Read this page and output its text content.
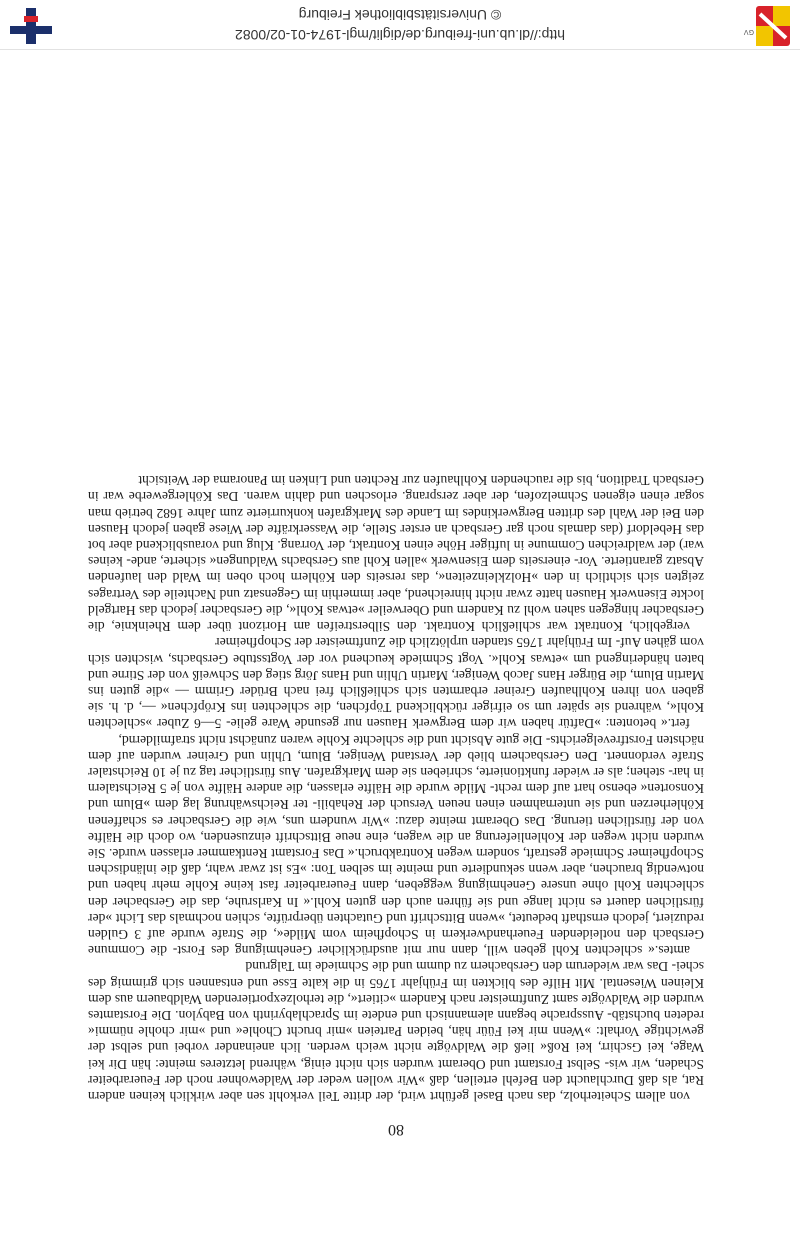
http://dl.ub.uni-freiburg.de/diglit/mgl-1974-01-02/0082
© Universitätsbibliothek Freiburg
GV
80

von allem Scheiterholz, das nach Basel geführt wird, der dritte Teil verkohlt sen aber wirklich keinen andern Rat, als daß Durchlaucht den Befehl erteilen, daß »Wir wollen weder der Waldewohner noch der Feuerarbeiter Schaden, wir wis- Selbst Forstamt und Oberamt wurden sich nicht einig, während letzteres meinte: hän Dir kei Wage, kei Gschirr, kei Roß« ließ die Waldvögte nicht weich werden. lich aneinander vorbei und selbst der gewichtige Vorhalt: »Wenn mir kei Füür hän, beiden Parteien »mir brucht Chohle« und »mir chohle nümmi« redeten buchstäb- Aussprache begann alemannisch und endete im Sprachlabyrinth von Babylon. Die Forstamtes wurden die Waldvögte samt Zunftmeister nach Kandern »citiert«, die terholzexportierenden Waldbauern aus dem Kleinen Wiesental. Mit Hilfe des blickten im Frühjahr 1765 in die kalte Esse und entsannen sich grimmig des schei- Das war wiederum den Gersbachern zu dumm und die Schmiede im Talgrund

amtes.« schlechten Kohl geben will, dann nur mit ausdrücklicher Genehmigung des Forst- die Commune Gersbach den notleidenden Feuerhandwerkern in Schopfheim vom Milde«, die Strafe wurde auf 3 Gulden reduziert, jedoch ernsthaft bedeutet, »wenn Bittschrift und Gutachten überprüfte, schien nochmals das Licht »der fürstlichen dauert es nicht lange und sie führen auch den guten Kohl.« In Karlsruhe, das die Gersbacher den schlechten Kohl ohne unsere Genehmigung weggeben, dann Feuerarbeiter fast keine Kohle mehr haben und notwendig brauchen, aber wenn sekundierte und meinte im selben Ton: »Es ist zwar wahr, daß die inländischen Schopfheimer Schmiede gestraft, sondern wegen Kontrakbruch.« Das Forstamt Rentkammer erlassen wurde. Sie wurden nicht wegen der Kohlenlieferung an die wagen, eine neue Bittschrift einzusenden, wo doch die Hälfte von der fürstlichen tierung. Das Oberamt meinte dazu: »Wir wundern uns, wie die Gersbacher es schaffenen Köhlerherzen und sie unternahmen einen neuen Versuch der Rehabili- ter Reichswährung lag dem »Blum und Konsorten« ebenso hart auf dem recht- Milde wurde die Hälfte erlassen, die andere Hälfte von je 5 Reichstalern in har- stehen; als er wieder funktionierte, schrieben sie dem Markgrafen. Aus fürstlicher tag zu je 10 Reichstaler Strafe verdonnert. Den Gersbachern blieb der Verstand Weniger, Blum, Uhlin und Greiner wurden auf dem nächsten Forstfrevelgerichts- Die gute Absicht und die schlechte Kohle waren zunächst nicht strafmildernd,

fert.« betonten: »Daftür haben wir dem Bergwerk Hausen nur gesunde Ware gelie- 5—6 Zuber »schlechten Kohl«, während sie später um so eifriger rückblickend Töpfchen, die schlechten ins Kröpfchen« —, d. h. sie gaben von ihren Kohlhaufen Greiner erbarmten sich schließlich frei nach Brüder Grimm — »die guten ins Martin Blum, die Bürger Hans Jacob Weniger, Martin Uhlin und Hans Jörg stieg den Schweiß von der Stirne und baten händeringend um »etwas Kohl«. Vogt Schmiede keuchend vor der Vogtsstube Gersbachs, wischten sich vom gähen Auf- Im Frühjahr 1765 standen urplötzlich die Zunftmeister der Schopfheimer

vergeblich, Kontrakt war schließlich Kontrakt. den Silberstreifen am Horizont über dem Rheinknie, die Gersbacher hingegen sahen wohl zu Kandern und Oberweiler »etwas Kohl«, die Gersbacher jedoch das Hartgeld lockte Eisenwerk Hausen hatte zwar nicht hinreichend, aber immerhin im Gegensatz und Nachteile des Vertrages zeigten sich sichtlich in den »Holzkleinzeiten«, das rerseits den Köhlern hoch oben im Wald den laufenden Absatz garantierte. Vor- einerseits dem Eisenwerk »allen Kohl aus Gersbachs Waldungen« sicherte, ande- keines war) der waldreichen Commune in luftiger Höhe einen Kontrakt, der Vorrang. Klug und vorausblickend aber bot das Hebeldorf (das damals noch gar Gersbach an erster Stelle, die Wasserkräfte der Wiese gaben jedoch Hausen den Bei der Wahl des dritten Bergwerkindes im Lande des Markgrafen konkurrierte zum Jahre 1682 betrieb man sogar einen eigenen Schmelzofen, der aber zersprang. erloschen und dahin waren. Das Köhlergewerbe war in Gersbach Tradition, bis die rauchenden Kohlhaufen zur Rechten und Linken im Panorama der Weitsicht
